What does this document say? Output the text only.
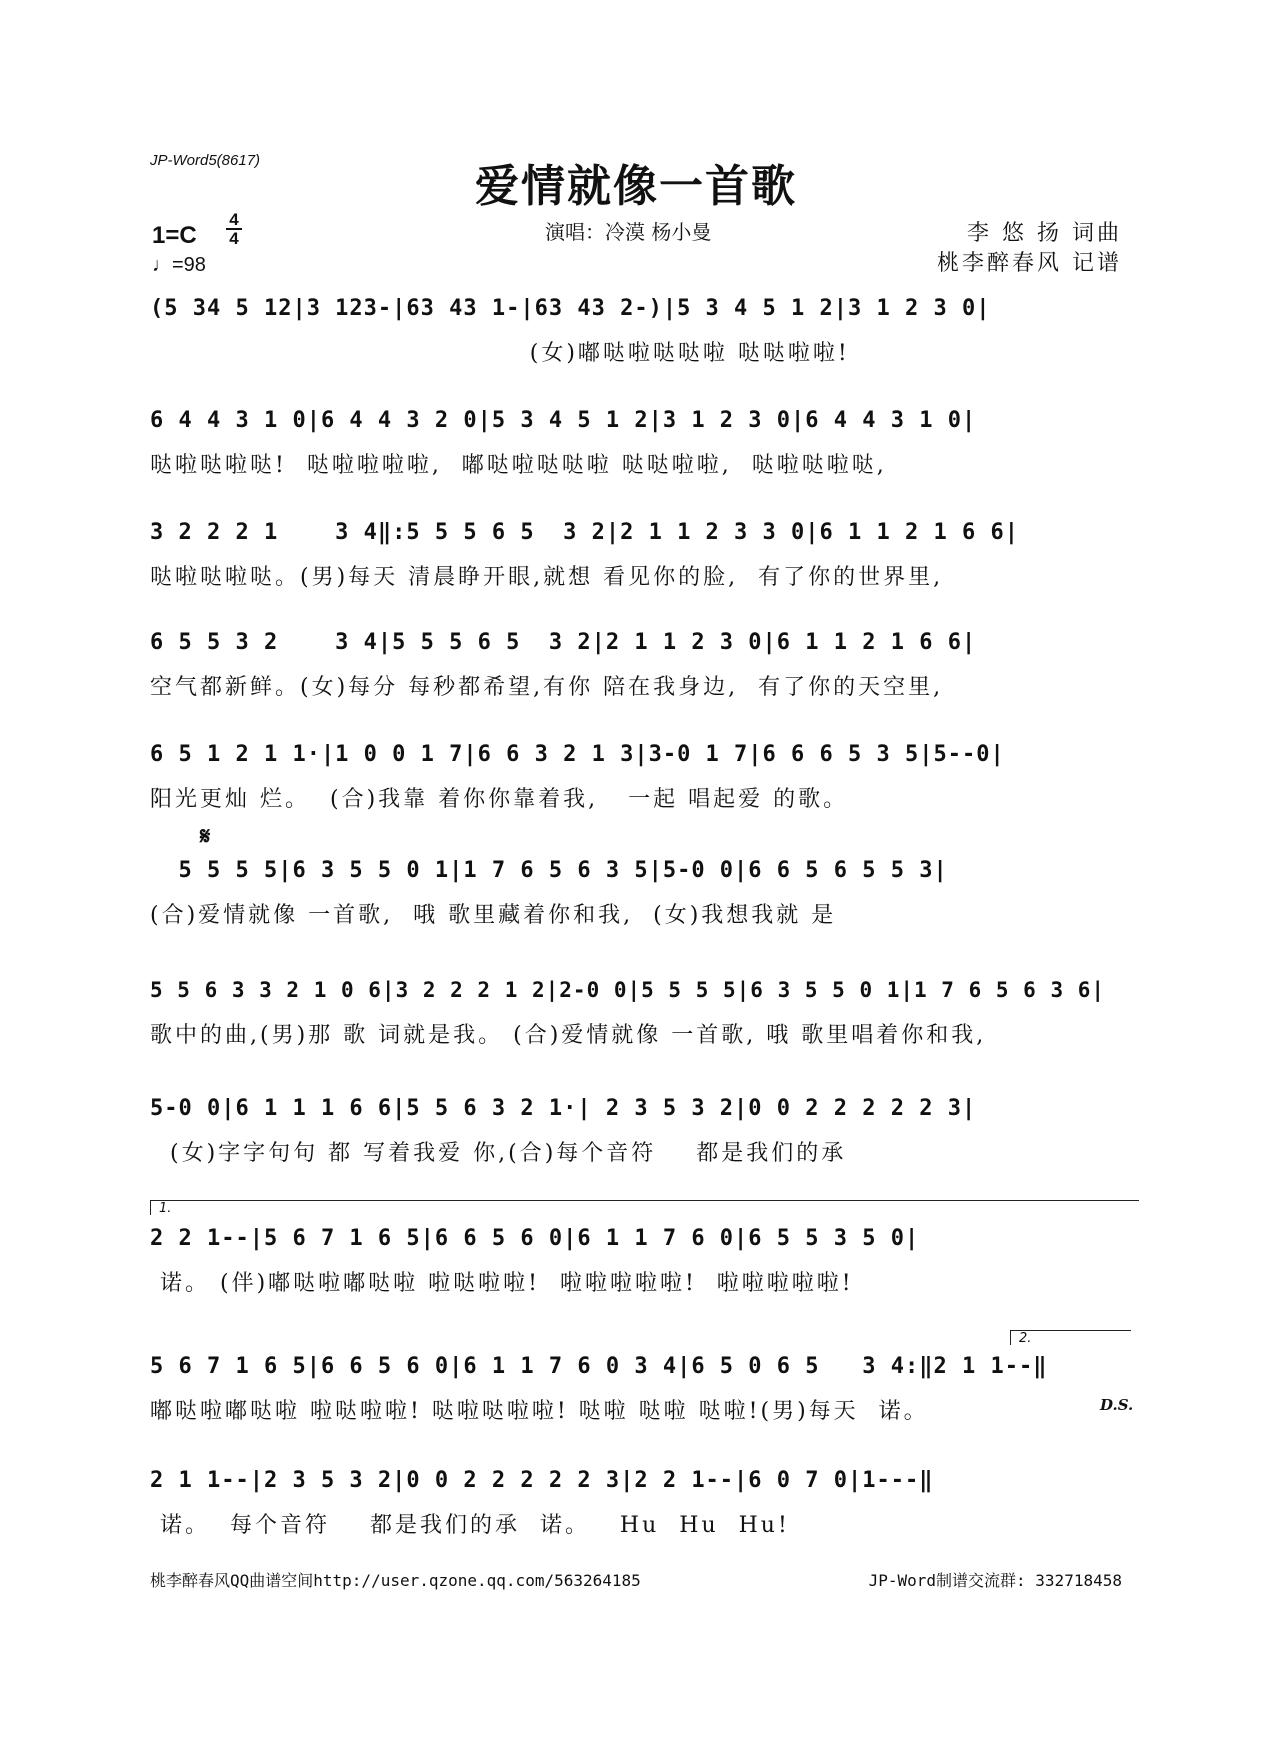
JP-Word5(8617)
爱情就像一首歌
1=C
4
4
♩=98
演唱：冷漠 杨小曼	李 悠 扬 词曲
桃李醉春风 记谱
(5 34 5 12|3 123-|63 43 1-|63 43 2-)|5 3 4 5 1 2|3 1 2 3 0|
(女)嘟哒啦哒哒啦 哒哒啦啦!
6 4 4 3 1 0|6 4 4 3 2 0|5 3 4 5 1 2|3 1 2 3 0|6 4 4 3 1 0|
哒啦哒啦哒!  哒啦啦啦啦,  嘟哒啦哒哒啦 哒哒啦啦,  哒啦哒啦哒,
3 2 2 2 1    3 4‖:5 5 5 6 5  3 2|2 1 1 2 3 3 0|6 1 1 2 1 6 6|
哒啦哒啦哒。(男)每天 清晨睁开眼,就想 看见你的脸,  有了你的世界里,
6 5 5 3 2    3 4|5 5 5 6 5  3 2|2 1 1 2 3 0|6 1 1 2 1 6 6|
空气都新鲜。(女)每分 每秒都希望,有你 陪在我身边,  有了你的天空里,
6 5 1 2 1 1·|1 0 0 1 7|6 6 3 2 1 3|3-0 1 7|6 6 6 5 3 5|5--0|
阳光更灿 烂。  (合)我靠 着你你靠着我,   一起 唱起爱 的歌。
𝄋
5 5 5 5|6 3 5 5 0 1|1 7 6 5 6 3 5|5-0 0|6 6 5 6 5 5 3|
(合)爱情就像 一首歌,  哦 歌里藏着你和我,  (女)我想我就 是
5 5 6 3 3 2 1 0 6|3 2 2 2 1 2|2-0 0|5 5 5 5|6 3 5 5 0 1|1 7 6 5 6 3 6|
歌中的曲,(男)那 歌 词就是我。 (合)爱情就像 一首歌, 哦 歌里唱着你和我,
5-0 0|6 1 1 1 6 6|5 5 6 3 2 1·| 2 3 5 3 2|0 0 2 2 2 2 2 3|
(女)字字句句 都 写着我爱 你,(合)每个音符    都是我们的承
1.
2 2 1--|5 6 7 1 6 5|6 6 5 6 0|6 1 1 7 6 0|6 5 5 3 5 0|
诺。 (伴)嘟哒啦嘟哒啦 啦哒啦啦!  啦啦啦啦啦!  啦啦啦啦啦!
2.
5 6 7 1 6 5|6 6 5 6 0|6 1 1 7 6 0 3 4|6 5 0 6 5   3 4:‖2 1 1--‖
嘟哒啦嘟哒啦 啦哒啦啦! 哒啦哒啦啦! 哒啦 哒啦 哒啦!(男)每天  诺。	D.S.
2 1 1--|2 3 5 3 2|0 0 2 2 2 2 2 3|2 2 1--|6 0 7 0|1---‖
诺。  每个音符    都是我们的承  诺。   Hu  Hu  Hu!
桃李醉春风QQ曲谱空间http://user.qzone.qq.com/563264185	JP-Word制谱交流群: 332718458
